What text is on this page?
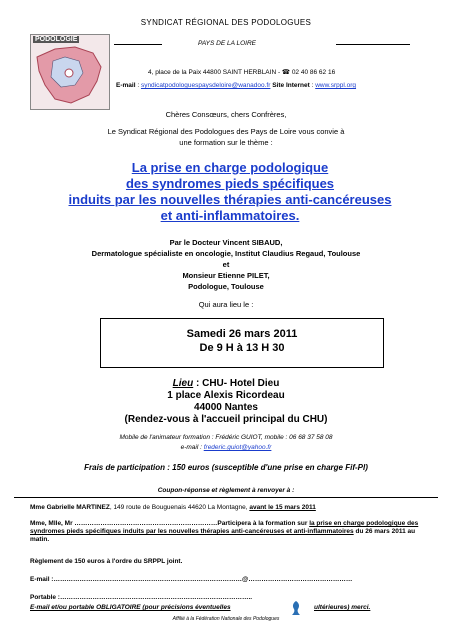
SYNDICAT RÉGIONAL DES PODOLOGUES
PODOLOGIE
PAYS DE LA LOIRE
4, place de la Paix 44800 SAINT HERBLAIN - ☎ 02 40 86 62 16
E-mail : syndicatpodologuespaysdeloire@wanadoo.fr Site Internet : www.srppl.org
Chères Consœurs, chers Confrères,
Le Syndicat Régional des Podologues des Pays de Loire vous convie à
une formation sur le thème :
La prise en charge podologique
des syndromes pieds spécifiques
induits par les nouvelles thérapies anti-cancéreuses
et anti-inflammatoires.
Par le Docteur Vincent SIBAUD,
Dermatologue spécialiste en oncologie, Institut Claudius Regaud, Toulouse
et
Monsieur Etienne PILET,
Podologue, Toulouse
Qui aura lieu le :
Samedi 26 mars 2011
De 9 H à 13 H 30
Lieu : CHU- Hotel Dieu
1 place Alexis Ricordeau
44000 Nantes
(Rendez-vous à l'accueil principal du CHU)
Mobile de l'animateur formation : Frédéric GUIOT, mobile : 06 68 37 58 08
e-mail : frederic.guiot@yahoo.fr
Frais de participation : 150 euros (susceptible d'une prise en charge Fif-Pl)
Coupon-réponse et règlement à renvoyer à :
Mme Gabrielle MARTINEZ, 149 route de Bouguenais 44620 La Montagne, avant le 15 mars 2011
Mme, Mlle, Mr …………………………………………………………Participera à la formation sur la prise en charge podologique des syndromes pieds spécifiques induits par les nouvelles thérapies anti-cancéreuses et anti-inflammatoires du 26 mars 2011 au matin.
Règlement de 150 euros à l'ordre du SRPPL joint.
E-mail :……………………………………………………………………………@…………………………………………
Portable :……………………………………………………………………………..
E-mail et/ou portable OBLIGATOIRE (pour précisions éventuelles	ultérieures) merci.
Affilié à la Fédération Nationale des Podologues
